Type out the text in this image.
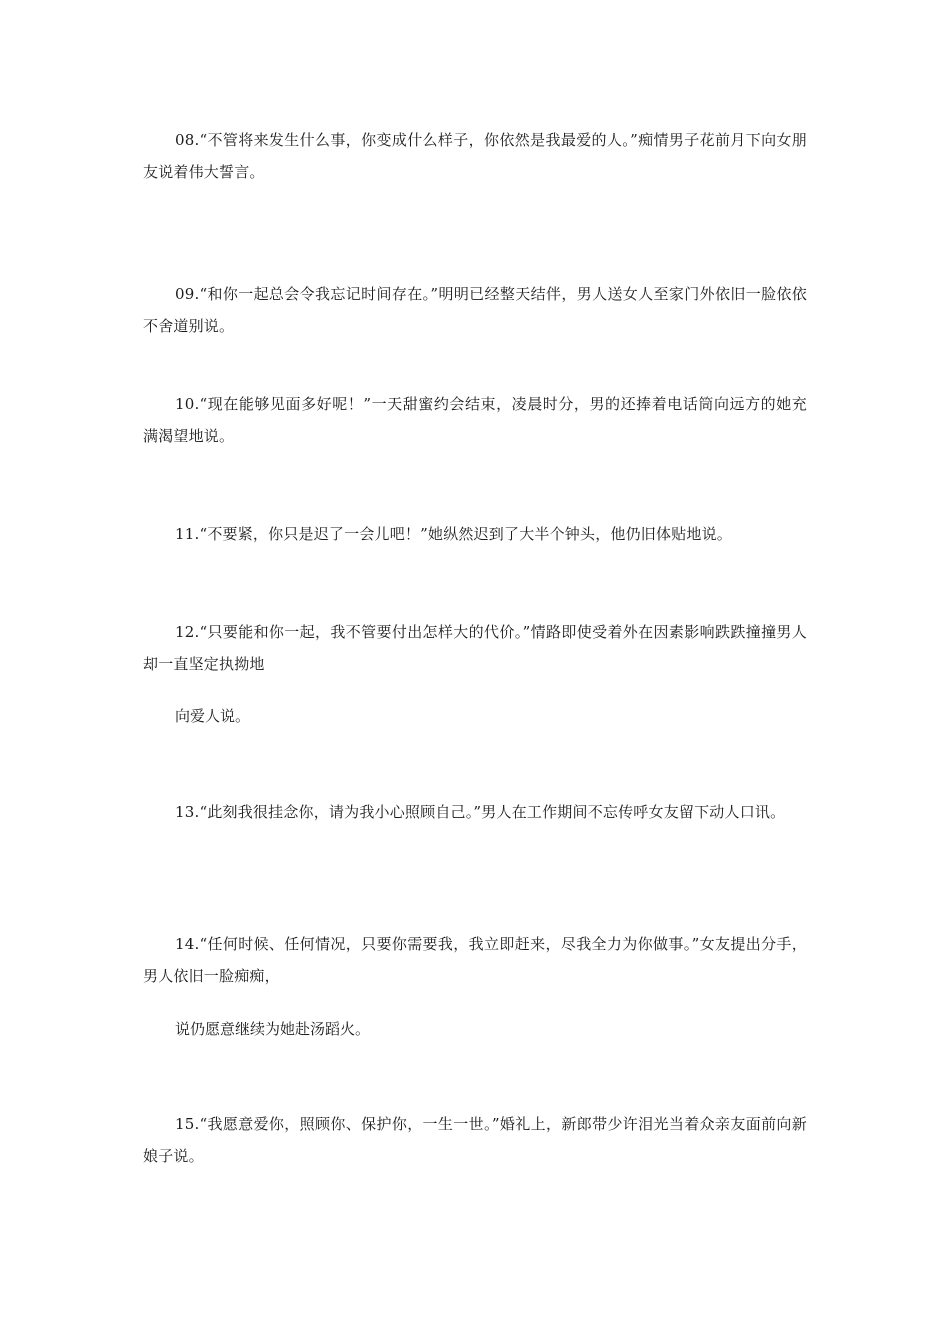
08.“不管将来发生什么事，你变成什么样子，你依然是我最爱的人。”痴情男子花前月下向女朋友说着伟大誓言。

09.“和你一起总会令我忘记时间存在。”明明已经整天结伴，男人送女人至家门外依旧一脸依依不舍道别说。

10.“现在能够见面多好呢！”一天甜蜜约会结束，凌晨时分，男的还捧着电话筒向远方的她充满渴望地说。

11.“不要紧，你只是迟了一会儿吧！”她纵然迟到了大半个钟头，他仍旧体贴地说。

12.“只要能和你一起，我不管要付出怎样大的代价。”情路即使受着外在因素影响跌跌撞撞男人却一直坚定执拗地

向爱人说。

13.“此刻我很挂念你，请为我小心照顾自己。”男人在工作期间不忘传呼女友留下动人口讯。

14.“任何时候、任何情况，只要你需要我，我立即赶来，尽我全力为你做事。”女友提出分手，男人依旧一脸痴痴，

说仍愿意继续为她赴汤蹈火。

15.“我愿意爱你，照顾你、保护你，一生一世。”婚礼上，新郎带少许泪光当着众亲友面前向新娘子说。
